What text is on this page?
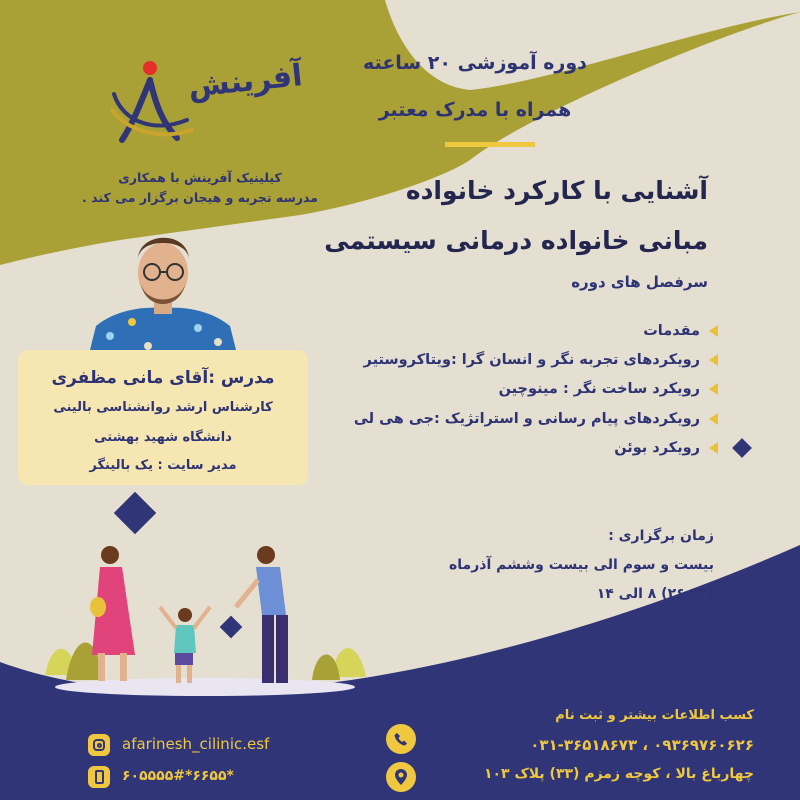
آفرینش
کیلینیک آفرینش با همکاری
مدرسه تجربه و هیجان برگزار می کند .
دوره آموزشی ۲۰ ساعته
همراه با مدرک معتبر
آشنایی با کارکرد خانواده
مبانی خانواده درمانی سیستمی
سرفصل های دوره
مقدمات
رویکردهای تجربه نگر و انسان گرا :ویتاکروستیر
رویکرد ساخت نگر : مینوچین
رویکردهای پیام رسانی و استراتژیک :جی هی لی
رویکرد بوئن
مدرس :آقای مانی مظفری
کارشناس ارشد روانشناسی بالینی
دانشگاه شهید بهشتی
مدیر سایت : یک بالینگر
زمان برگزاری :
بیست و سوم الی بیست وششم آذرماه
(۲۶-۲۳) ۸ الی ۱۴
کسب اطلاعات بیشتر و ثبت نام
۰۹۳۶۹۷۶۰۶۲۶ ، ۰۳۱-۳۶۵۱۸۶۷۳
چهارباغ بالا ، کوچه زمزم (۳۳) پلاک ۱۰۳
afarinesh_cilinic.esf
*۶۶۵۵*۶۰۵۵۵۵#
